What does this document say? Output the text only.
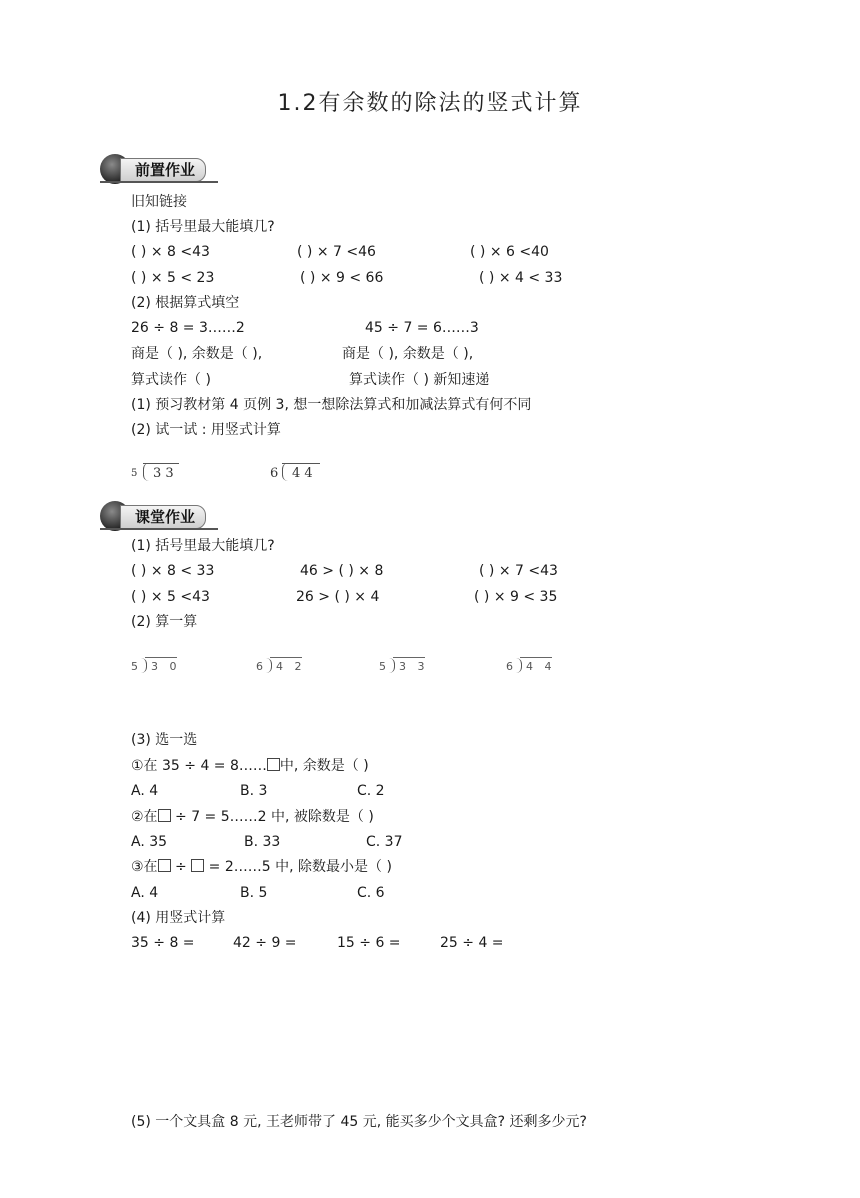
1.2有余数的除法的竖式计算
前置作业
旧知链接
(1) 括号里最大能填几?
( ) × 8 <43	( ) × 7 <46	( ) × 6 <40
( ) × 5 < 23	( ) × 9 < 66	( ) × 4 < 33
(2) 根据算式填空
26 ÷ 8 = 3……2	45 ÷ 7 = 6……3
商是（ ), 余数是（ ),	商是（ ), 余数是（ ),
算式读作（ )	算式读作（ ) 新知速递
(1) 预习教材第 4 页例 3, 想一想除法算式和加减法算式有何不同
(2) 试一试 : 用竖式计算
5 3 3	6 4 4
课堂作业
(1) 括号里最大能填几?
( ) × 8 < 33	46 > ( ) × 8	( ) × 7 <43
( ) × 5 <43	26 > ( ) × 4	( ) × 9 < 35
(2) 算一算
5 3 0	6 4 2	5 3 3	6 4 4
(3) 选一选
①在 35 ÷ 4 = 8…… 中, 余数是（ )
A. 4	B. 3	C. 2
②在 ÷ 7 = 5……2 中, 被除数是（ )
A. 35	B. 33	C. 37
③在 ÷ = 2……5 中, 除数最小是（ )
A. 4	B. 5	C. 6
(4) 用竖式计算
35 ÷ 8 =	42 ÷ 9 =	15 ÷ 6 =	25 ÷ 4 =
(5) 一个文具盒 8 元, 王老师带了 45 元, 能买多少个文具盒? 还剩多少元?
